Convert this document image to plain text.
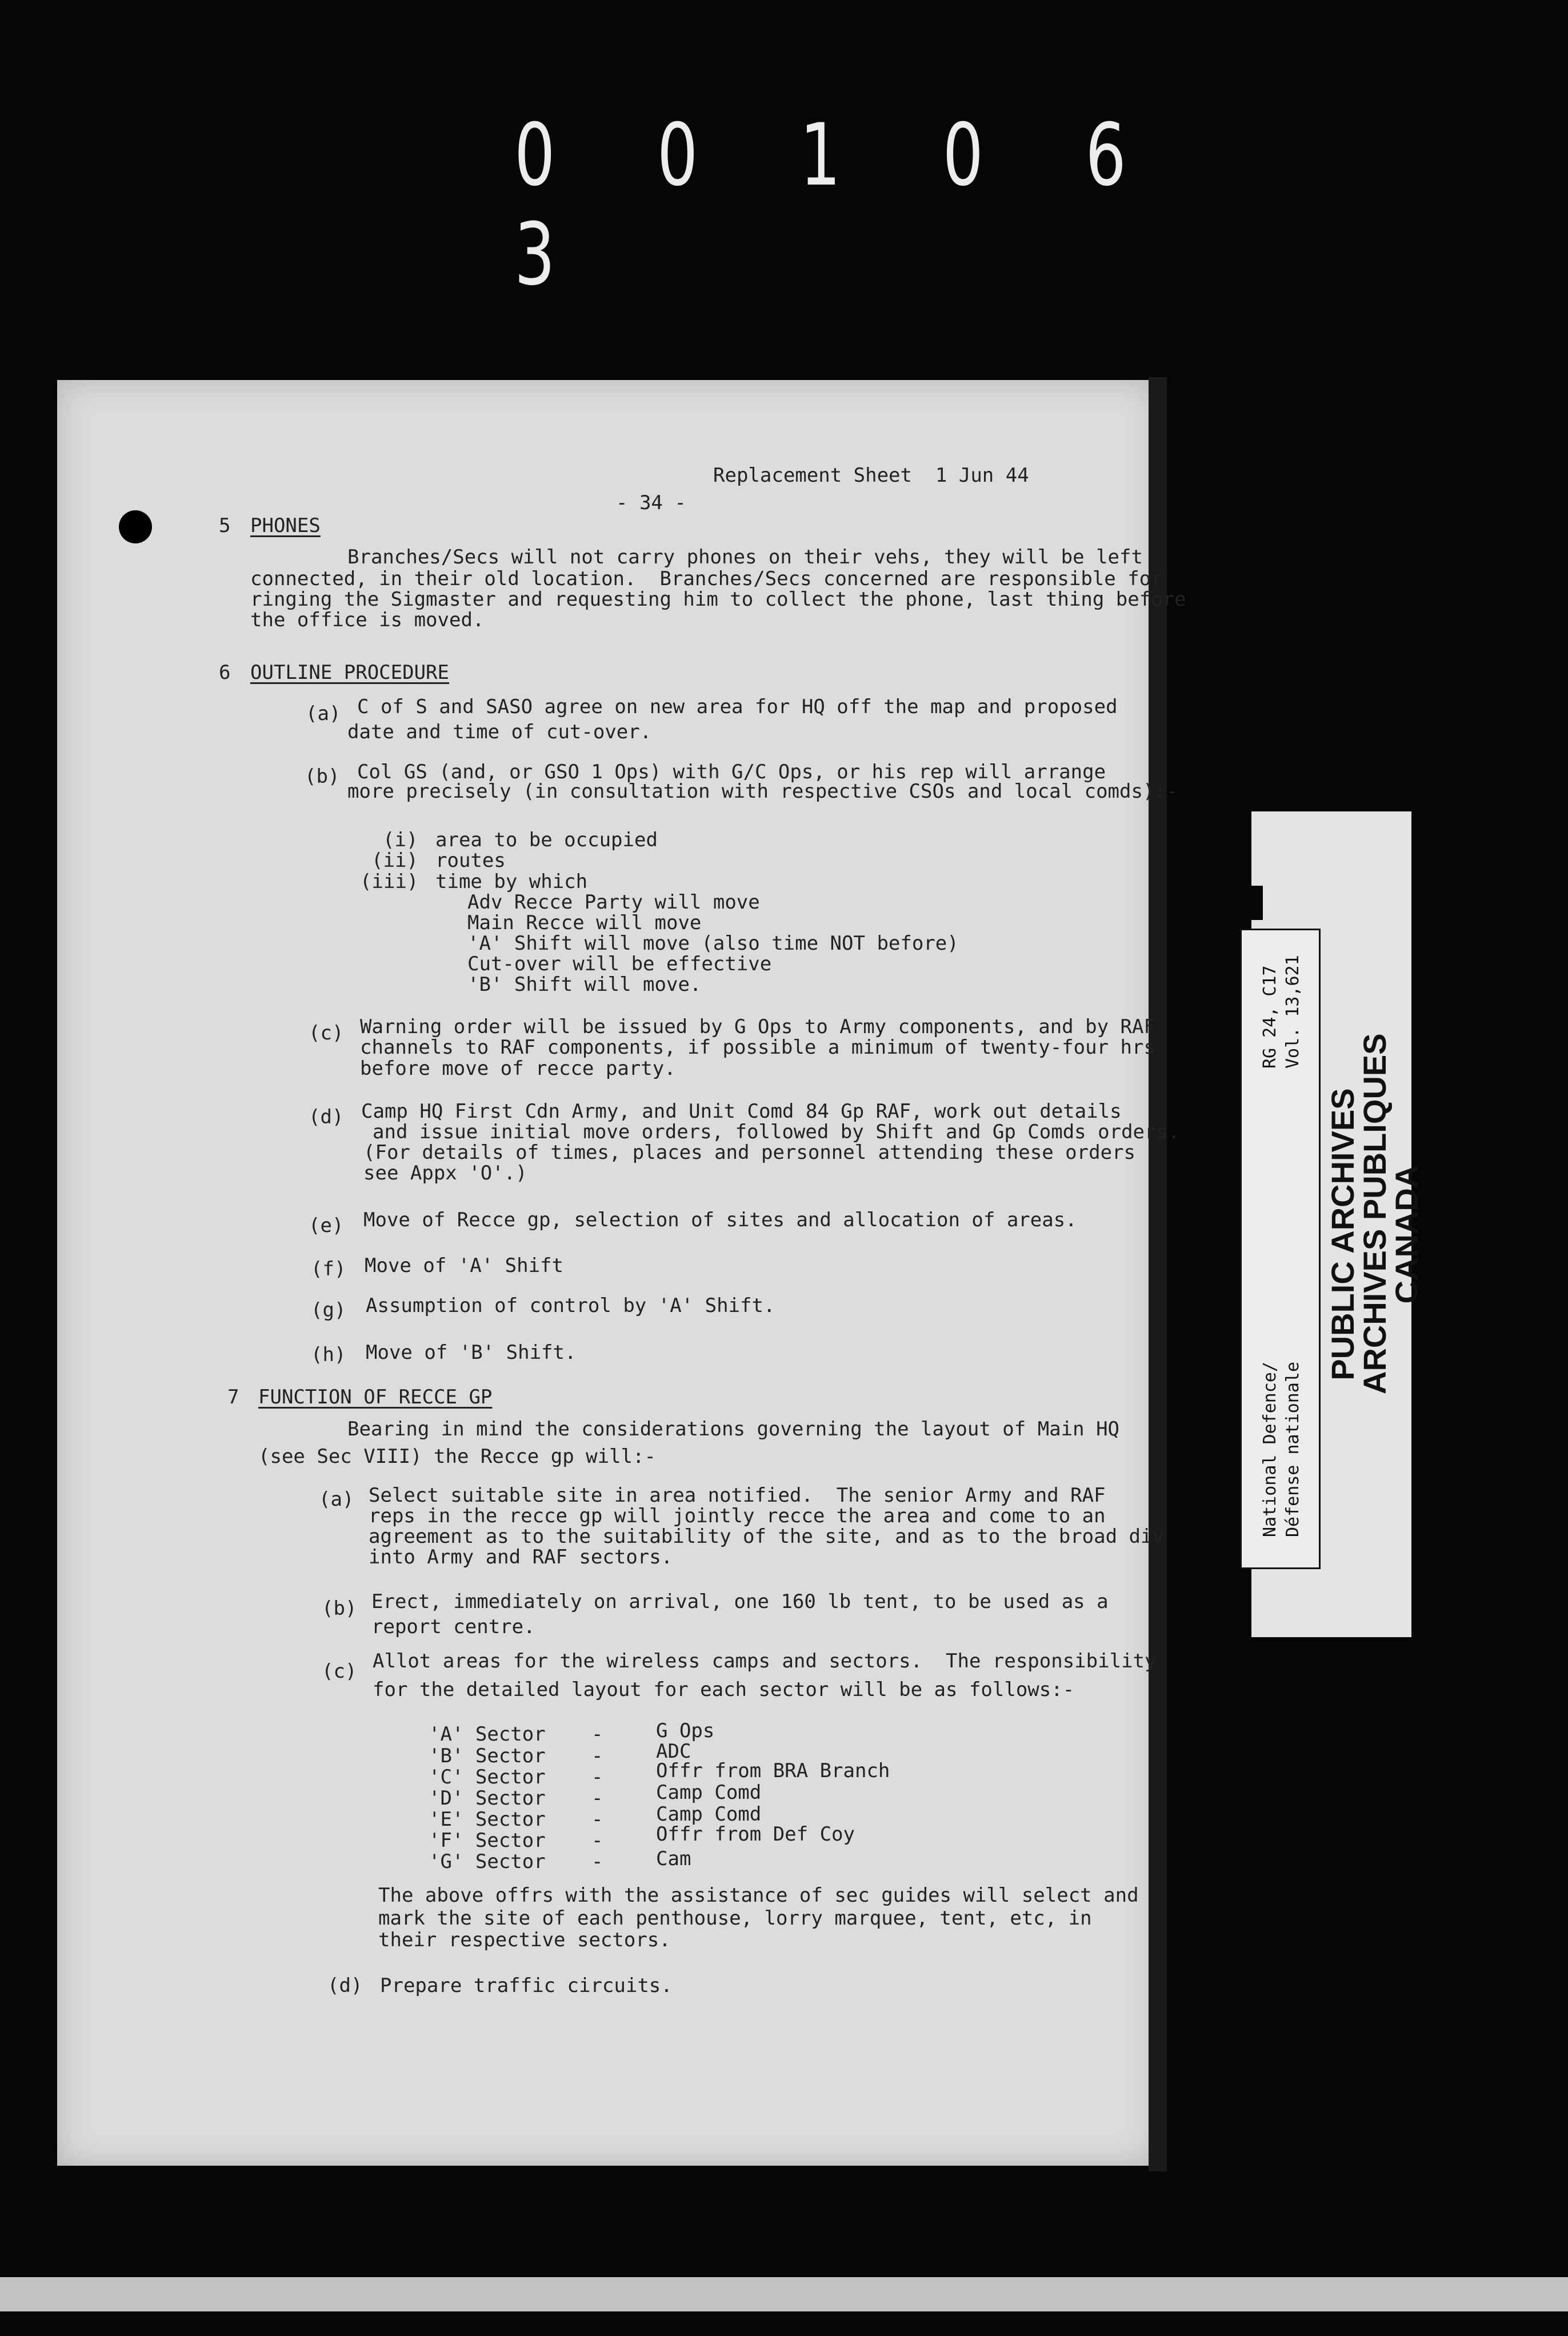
0 0 1 0 6 3
Replacement Sheet  1 Jun 44
- 34 -
5 PHONES
Branches/Secs will not carry phones on their vehs, they will be left
connected, in their old location.  Branches/Secs concerned are responsible for
ringing the Sigmaster and requesting him to collect the phone, last thing before
the office is moved.
6 OUTLINE PROCEDURE
(a) C of S and SASO agree on new area for HQ off the map and proposed
date and time of cut-over.
(b) Col GS (and, or GSO 1 Ops) with G/C Ops, or his rep will arrange
more precisely (in consultation with respective CSOs and local comds):-
(i) area to be occupied
(ii) routes
(iii) time by which
Adv Recce Party will move
Main Recce will move
'A' Shift will move (also time NOT before)
Cut-over will be effective
'B' Shift will move.
(c) Warning order will be issued by G Ops to Army components, and by RAF
channels to RAF components, if possible a minimum of twenty-four hrs
before move of recce party.
(d) Camp HQ First Cdn Army, and Unit Comd 84 Gp RAF, work out details
and issue initial move orders, followed by Shift and Gp Comds orders.
(For details of times, places and personnel attending these orders
see Appx 'O'.)
(e) Move of Recce gp, selection of sites and allocation of areas.
(f) Move of 'A' Shift
(g) Assumption of control by 'A' Shift.
(h) Move of 'B' Shift.
7 FUNCTION OF RECCE GP
Bearing in mind the considerations governing the layout of Main HQ
(see Sec VIII) the Recce gp will:-
(a) Select suitable site in area notified.  The senior Army and RAF
reps in the recce gp will jointly recce the area and come to an
agreement as to the suitability of the site, and as to the broad div
into Army and RAF sectors.
(b) Erect, immediately on arrival, one 160 lb tent, to be used as a
report centre.
(c) Allot areas for the wireless camps and sectors.  The responsibility
for the detailed layout for each sector will be as follows:-
'A' Sector -	G Ops
'B' Sector -	ADC
'C' Sector -	Offr from BRA Branch
'D' Sector -	Camp Comd
'E' Sector -	Camp Comd
'F' Sector -	Offr from Def Coy
'G' Sector -	Cam
The above offrs with the assistance of sec guides will select and
mark the site of each penthouse, lorry marquee, tent, etc, in
their respective sectors.
(d) Prepare traffic circuits.
RG 24, C17 Vol. 13,621
National Defence/ Défense nationale
PUBLIC ARCHIVES
ARCHIVES PUBLIQUES
CANADA
